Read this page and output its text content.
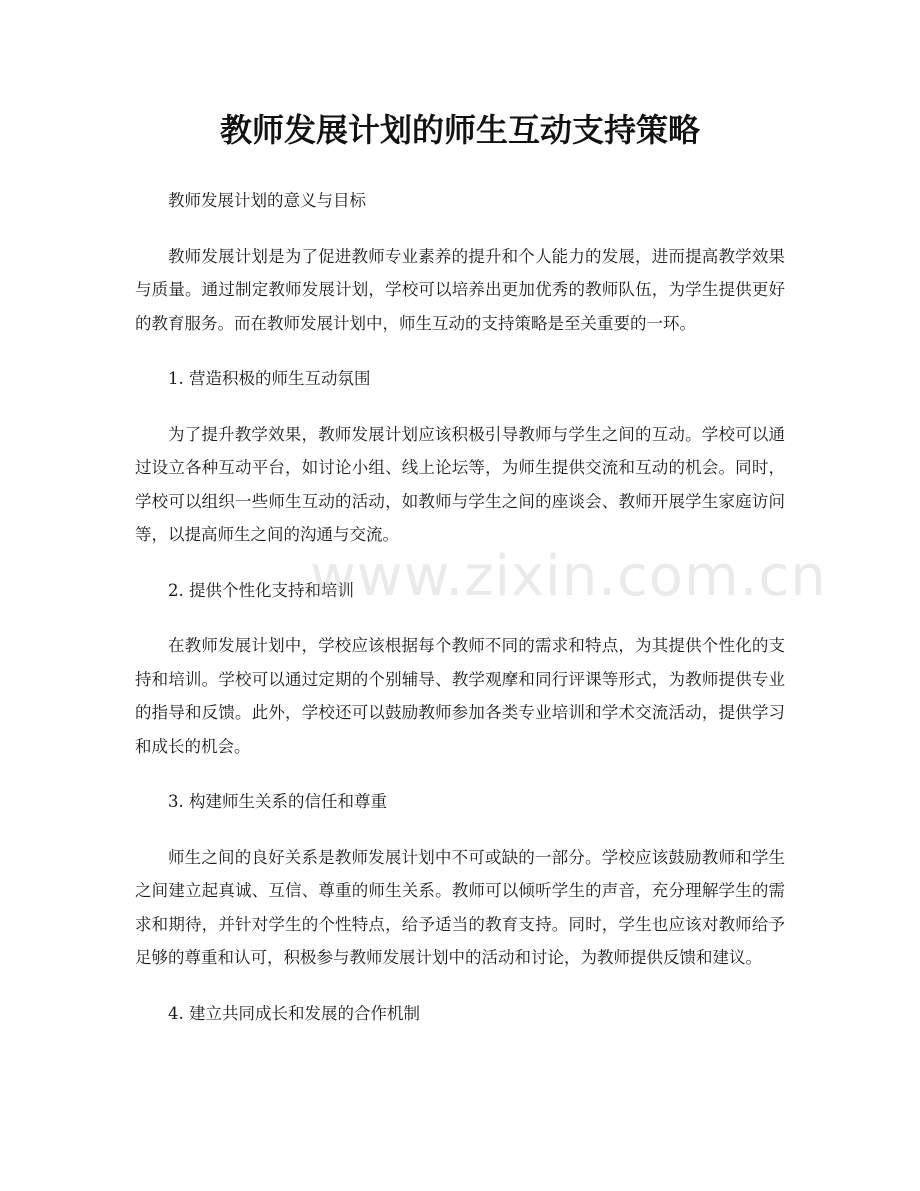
教师发展计划的师生互动支持策略

教师发展计划的意义与目标

教师发展计划是为了促进教师专业素养的提升和个人能力的发展，进而提高教学效果与质量。通过制定教师发展计划，学校可以培养出更加优秀的教师队伍，为学生提供更好的教育服务。而在教师发展计划中，师生互动的支持策略是至关重要的一环。

1. 营造积极的师生互动氛围

为了提升教学效果，教师发展计划应该积极引导教师与学生之间的互动。学校可以通过设立各种互动平台，如讨论小组、线上论坛等，为师生提供交流和互动的机会。同时，学校可以组织一些师生互动的活动，如教师与学生之间的座谈会、教师开展学生家庭访问等，以提高师生之间的沟通与交流。

2. 提供个性化支持和培训

在教师发展计划中，学校应该根据每个教师不同的需求和特点，为其提供个性化的支持和培训。学校可以通过定期的个别辅导、教学观摩和同行评课等形式，为教师提供专业的指导和反馈。此外，学校还可以鼓励教师参加各类专业培训和学术交流活动，提供学习和成长的机会。

3. 构建师生关系的信任和尊重

师生之间的良好关系是教师发展计划中不可或缺的一部分。学校应该鼓励教师和学生之间建立起真诚、互信、尊重的师生关系。教师可以倾听学生的声音，充分理解学生的需求和期待，并针对学生的个性特点，给予适当的教育支持。同时，学生也应该对教师给予足够的尊重和认可，积极参与教师发展计划中的活动和讨论，为教师提供反馈和建议。

4. 建立共同成长和发展的合作机制

www.zixin.com.cn
